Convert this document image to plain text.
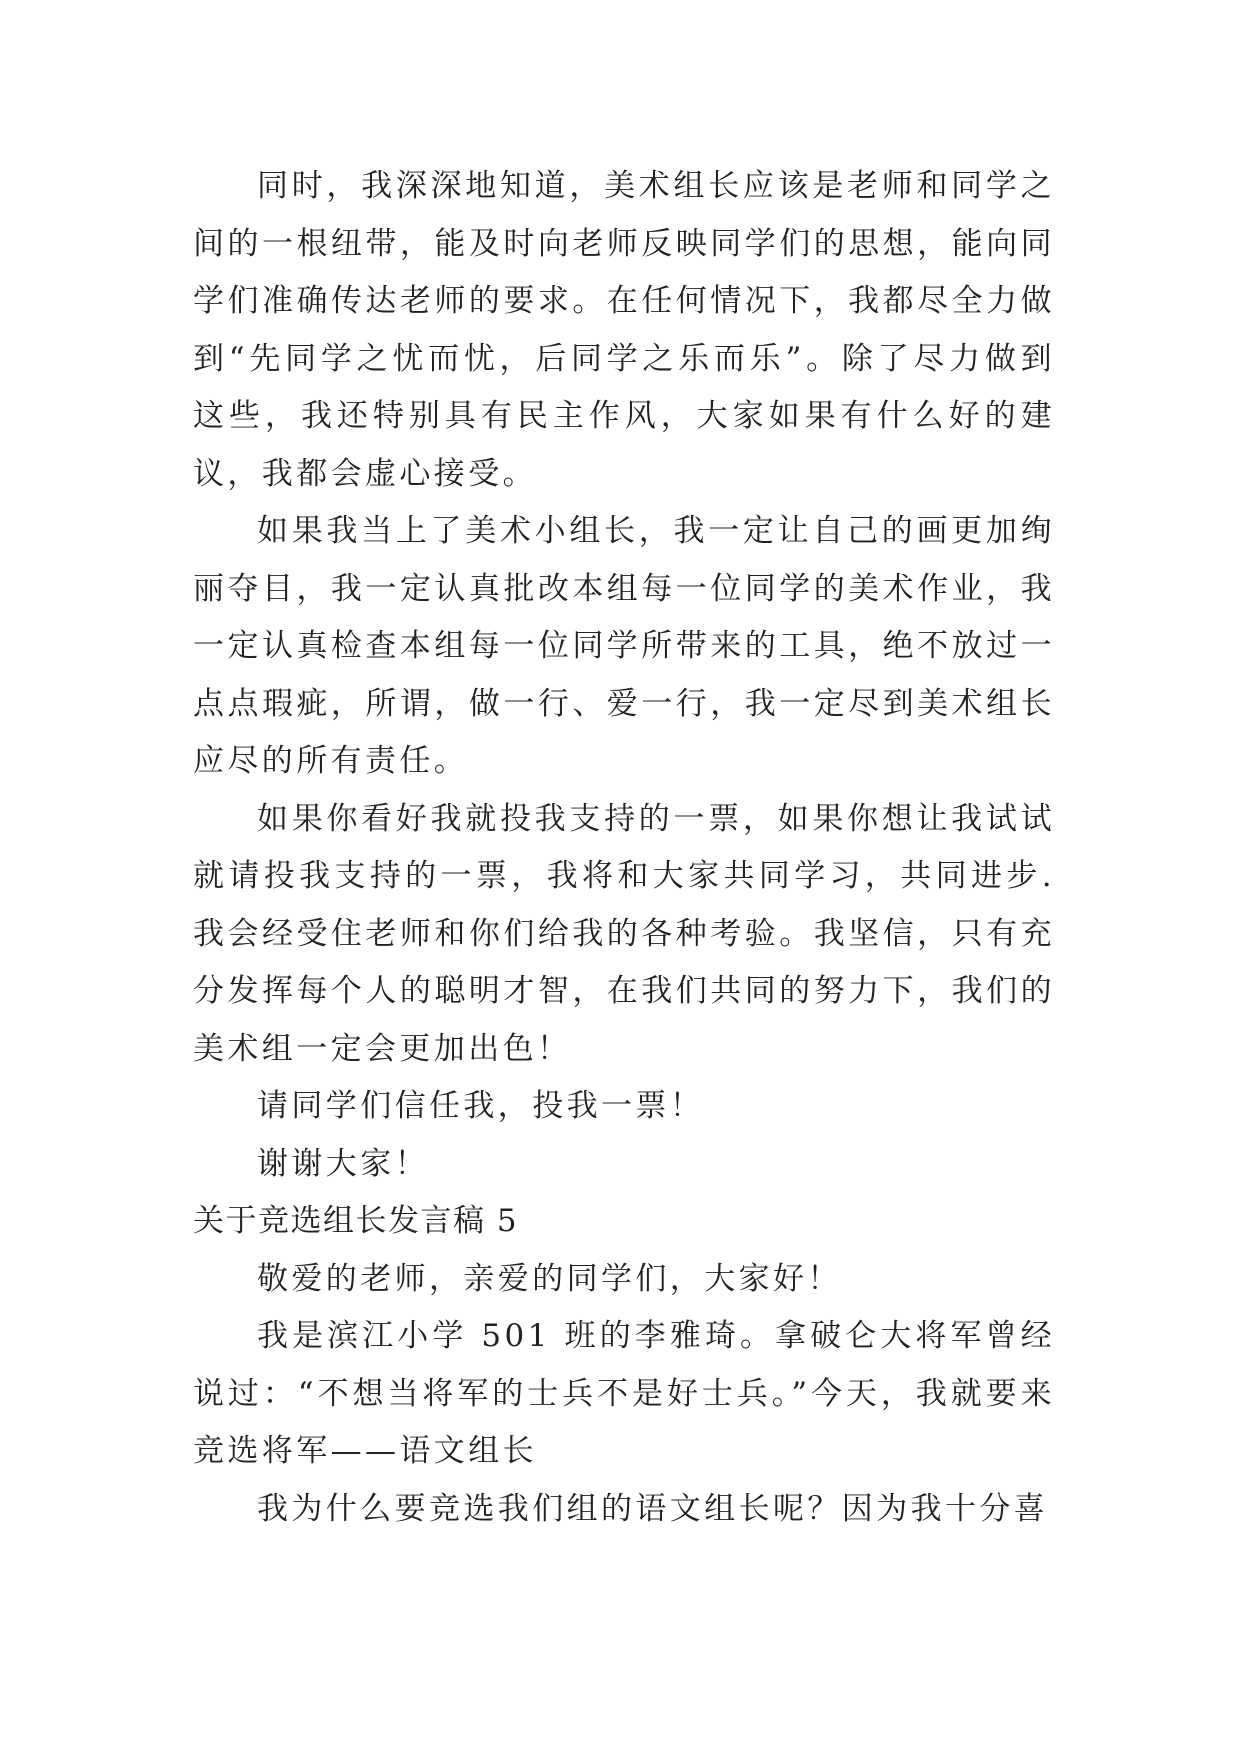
同时，我深深地知道，美术组长应该是老师和同学之间的一根纽带，能及时向老师反映同学们的思想，能向同学们准确传达老师的要求。在任何情况下，我都尽全力做到“先同学之忧而忧，后同学之乐而乐”。除了尽力做到这些，我还特别具有民主作风，大家如果有什么好的建议，我都会虚心接受。

如果我当上了美术小组长，我一定让自己的画更加绚丽夺目，我一定认真批改本组每一位同学的美术作业，我一定认真检查本组每一位同学所带来的工具，绝不放过一点点瑕疵，所谓，做一行、爱一行，我一定尽到美术组长应尽的所有责任。

如果你看好我就投我支持的一票，如果你想让我试试就请投我支持的一票，我将和大家共同学习，共同进步.我会经受住老师和你们给我的各种考验。我坚信，只有充分发挥每个人的聪明才智，在我们共同的努力下，我们的美术组一定会更加出色！

请同学们信任我，投我一票！

谢谢大家！

关于竞选组长发言稿 5

敬爱的老师，亲爱的同学们，大家好！

我是滨江小学 501 班的李雅琦。拿破仑大将军曾经说过：“不想当将军的士兵不是好士兵。”今天，我就要来竞选将军——语文组长

我为什么要竞选我们组的语文组长呢？因为我十分喜
